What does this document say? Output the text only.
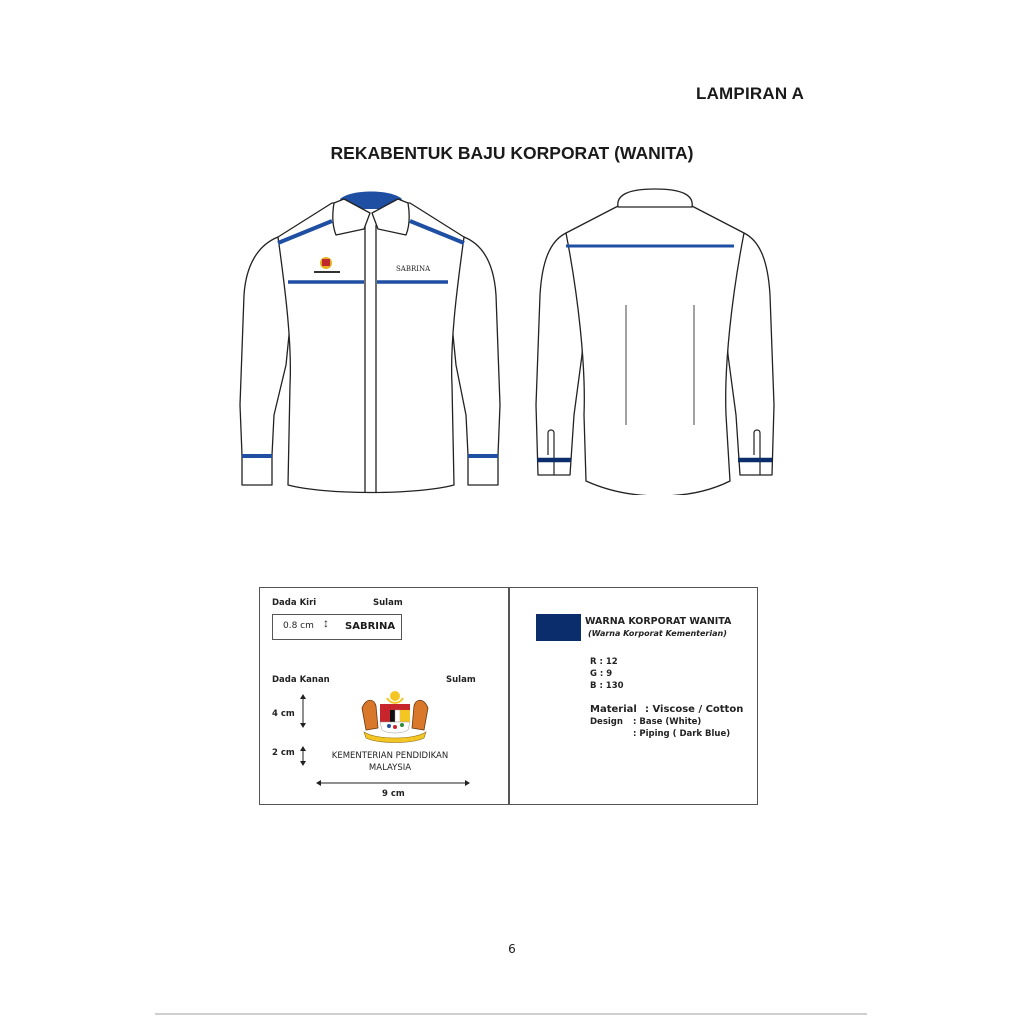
LAMPIRAN A
REKABENTUK BAJU KORPORAT (WANITA)
SABRINA
Dada Kiri	Sulam
0.8 cm ↕ SABRINA
Dada Kanan	Sulam
4 cm
2 cm	KEMENTERIAN PENDIDIKAN
MALAYSIA
9 cm
WARNA KORPORAT WANITA
(Warna Korporat Kementerian)
R : 12
G : 9
B : 130
Material : Viscose / Cotton
Design : Base (White)
: Piping ( Dark Blue)
6
